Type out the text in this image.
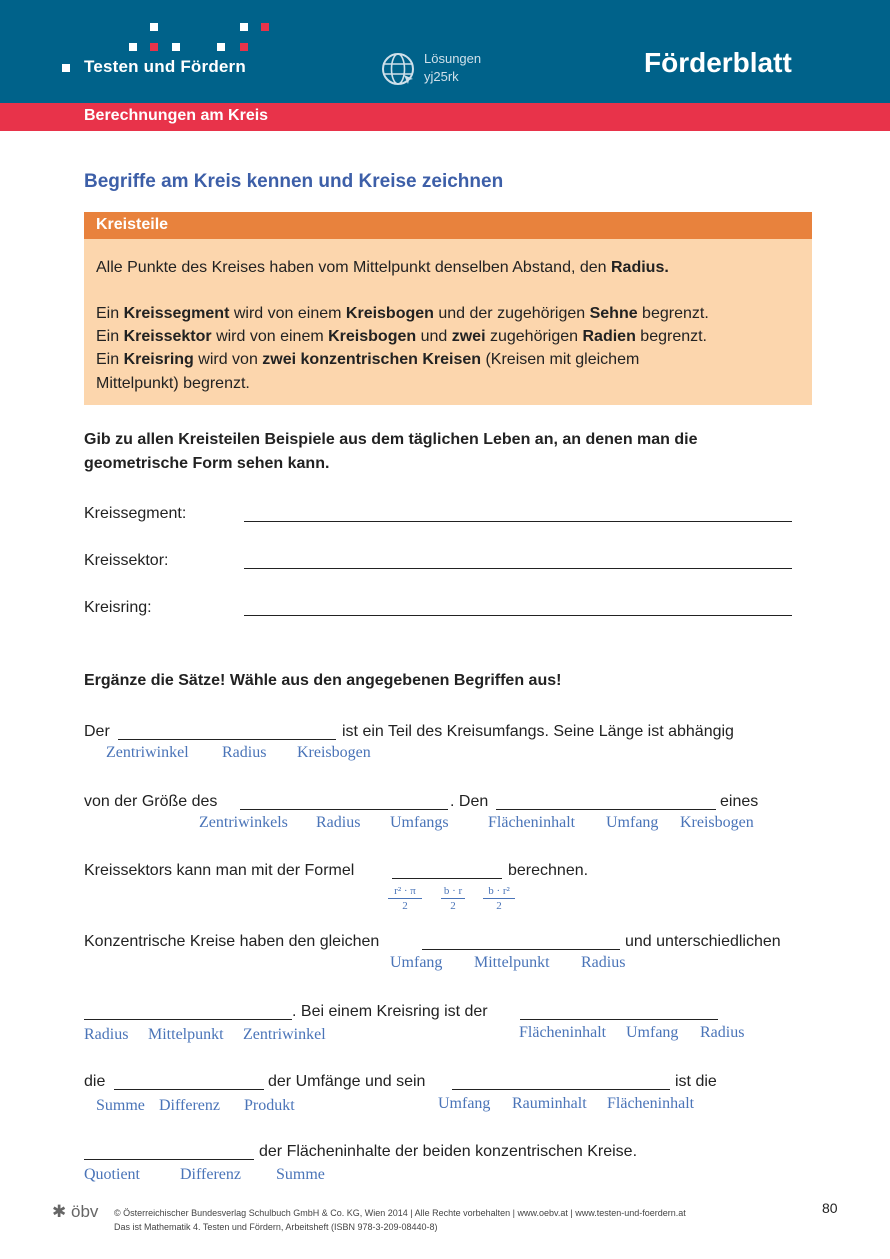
Testen und Fördern	Lösungen
yj25rk	Förderblatt
Berechnungen am Kreis
Begriffe am Kreis kennen und Kreise zeichnen
Kreisteile
Alle Punkte des Kreises haben vom Mittelpunkt denselben Abstand, den Radius.
Ein Kreissegment wird von einem Kreisbogen und der zugehörigen Sehne begrenzt.
Ein Kreissektor wird von einem Kreisbogen und zwei zugehörigen Radien begrenzt.
Ein Kreisring wird von zwei konzentrischen Kreisen (Kreisen mit gleichem
Mittelpunkt) begrenzt.
Gib zu allen Kreisteilen Beispiele aus dem täglichen Leben an, an denen man die
geometrische Form sehen kann.
Kreissegment:
Kreissektor:
Kreisring:
Ergänze die Sätze! Wähle aus den angegebenen Begriffen aus!
Der	ist ein Teil des Kreisumfangs. Seine Länge ist abhängig
Zentriwinkel Radius Kreisbogen
von der Größe des	. Den	eines
Zentriwinkels Radius Umfangs Flächeninhalt Umfang Kreisbogen
Kreissektors kann man mit der Formel	berechnen.
r² · π
2
b · r
2
b · r²
2
Konzentrische Kreise haben den gleichen	und unterschiedlichen
Umfang Mittelpunkt Radius
. Bei einem Kreisring ist der
Radius Mittelpunkt Zentriwinkel	Flächeninhalt Umfang Radius
die	der Umfänge und sein	ist die
Summe Differenz Produkt	Umfang Rauminhalt Flächeninhalt
der Flächeninhalte der beiden konzentrischen Kreise.
Quotient	Differenz Summe
✱ öbv © Österreichischer Bundesverlag Schulbuch GmbH & Co. KG, Wien 2014 | Alle Rechte vorbehalten | www.oebv.at | www.testen-und-foerdern.at
Das ist Mathematik 4. Testen und Fördern, Arbeitsheft (ISBN 978-3-209-08440-8)
80
